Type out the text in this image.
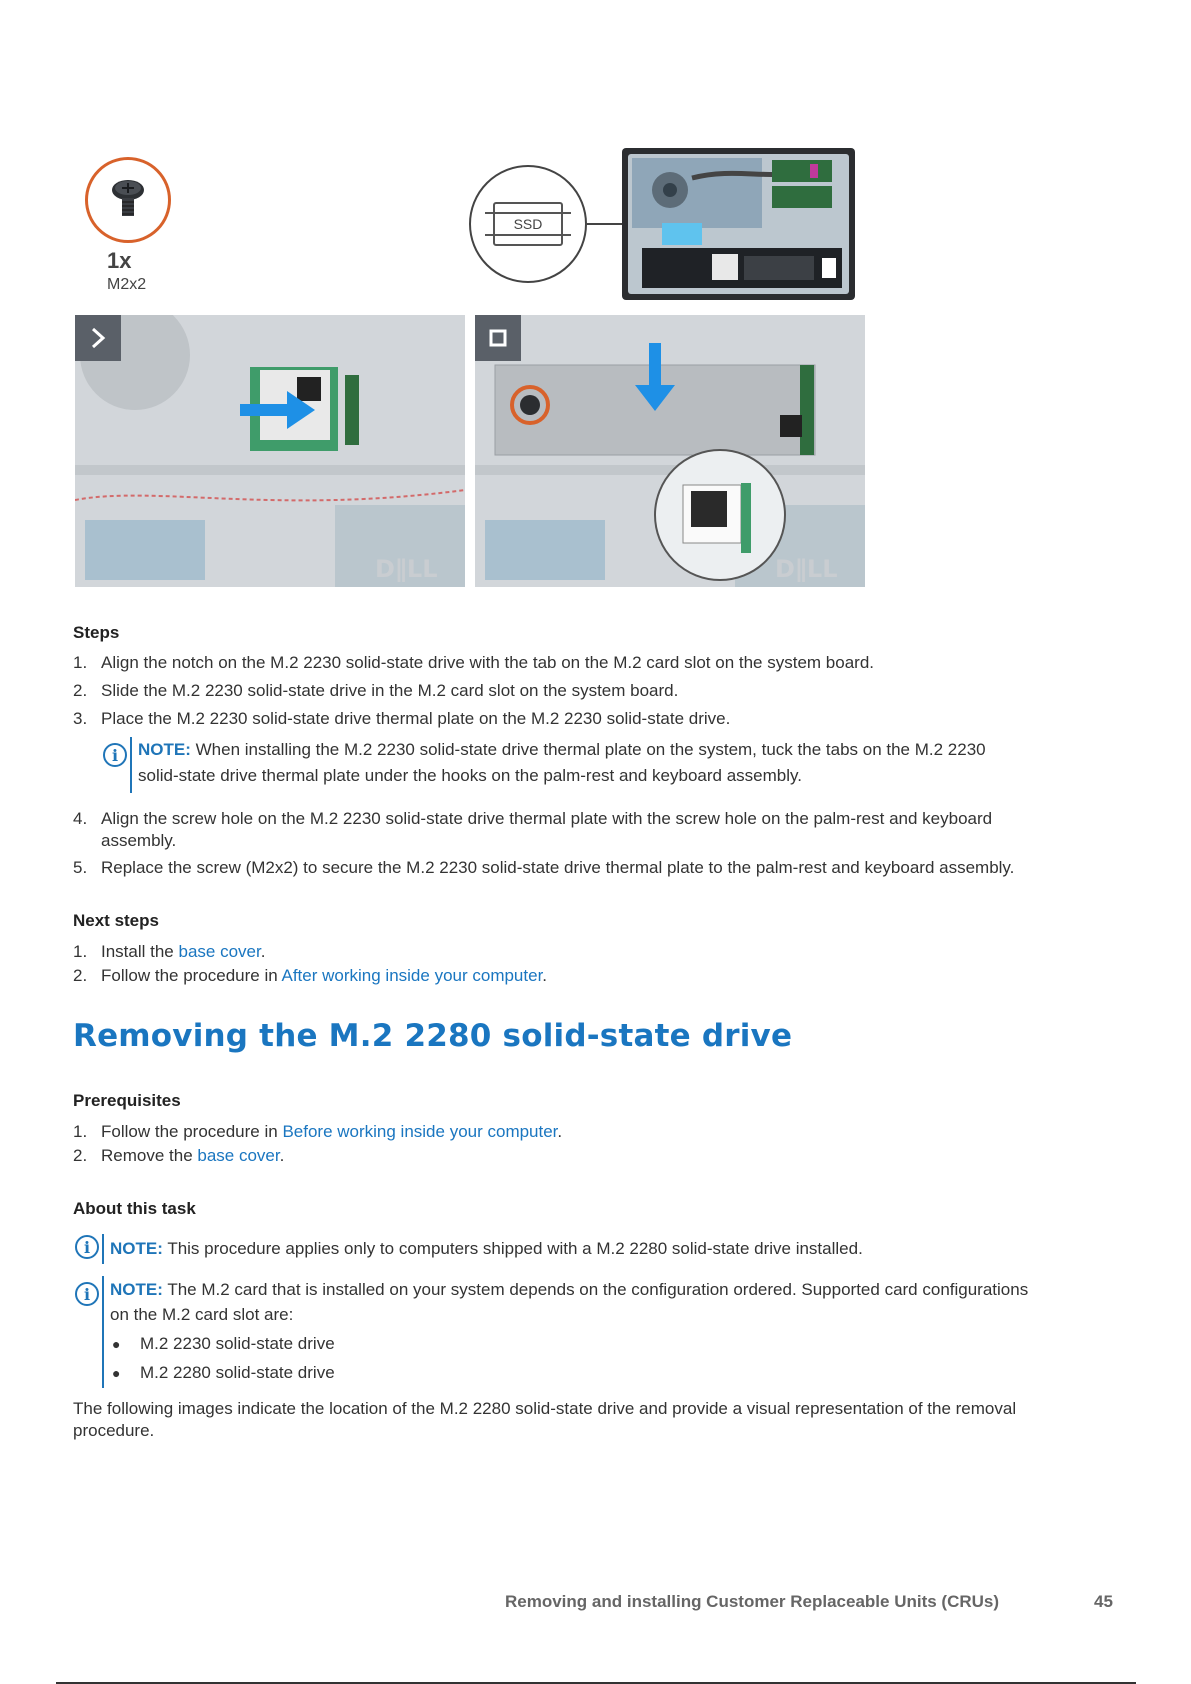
1x
M2x2
SSD
D∥LL	D∥LL
Steps
1. Align the notch on the M.2 2230 solid-state drive with the tab on the M.2 card slot on the system board.
2. Slide the M.2 2230 solid-state drive in the M.2 card slot on the system board.
3. Place the M.2 2230 solid-state drive thermal plate on the M.2 2230 solid-state drive.
i	NOTE: When installing the M.2 2230 solid-state drive thermal plate on the system, tuck the tabs on the M.2 2230
solid-state drive thermal plate under the hooks on the palm-rest and keyboard assembly.
4. Align the screw hole on the M.2 2230 solid-state drive thermal plate with the screw hole on the palm-rest and keyboard
assembly.
5. Replace the screw (M2x2) to secure the M.2 2230 solid-state drive thermal plate to the palm-rest and keyboard assembly.
Next steps
1. Install the base cover.
2. Follow the procedure in After working inside your computer.
Removing the M.2 2280 solid-state drive
Prerequisites
1. Follow the procedure in Before working inside your computer.
2. Remove the base cover.
About this task
i	NOTE: This procedure applies only to computers shipped with a M.2 2280 solid-state drive installed.
i	NOTE: The M.2 card that is installed on your system depends on the configuration ordered. Supported card configurations
on the M.2 card slot are:
● M.2 2230 solid-state drive
● M.2 2280 solid-state drive
The following images indicate the location of the M.2 2280 solid-state drive and provide a visual representation of the removal
procedure.
Removing and installing Customer Replaceable Units (CRUs)	45
